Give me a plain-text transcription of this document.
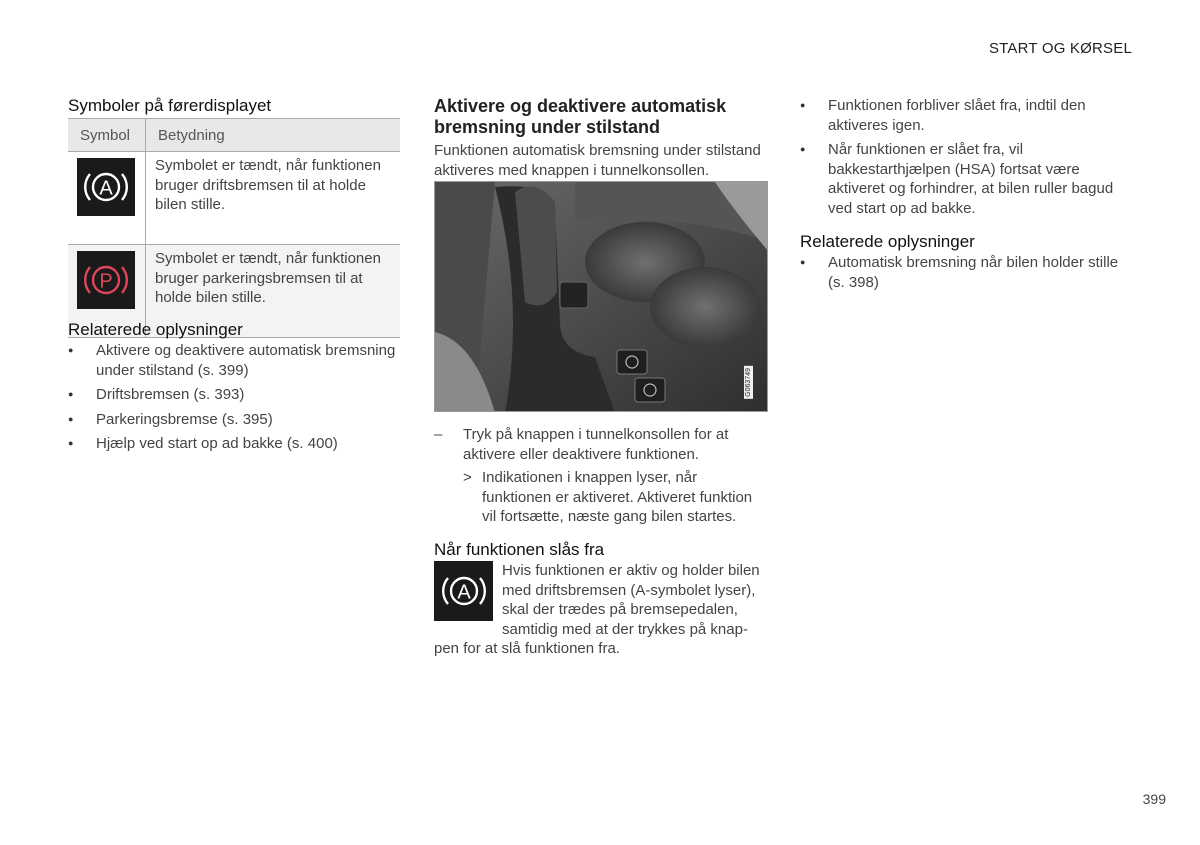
START OG KØRSEL
Symboler på førerdisplayet
Symbol	Betydning

A	Symbolet er tændt, når funktionen bruger driftsbremsen til at holde bilen stille.

P	Symbolet er tændt, når funktionen bruger parkeringsbremsen til at holde bilen stille.
Relaterede oplysninger
● Aktivere og deaktivere automatisk bremsning under stilstand (s. 399)
● Driftsbremsen (s. 393)
● Parkeringsbremse (s. 395)
● Hjælp ved start op ad bakke (s. 400)
Aktivere og deaktivere automatisk bremsning under stilstand
Funktionen automatisk bremsning under stilstand aktiveres med knappen i tunnelkonsollen.
G063749
– Tryk på knappen i tunnelkonsollen for at aktivere eller deaktivere funktionen.
> Indikationen i knappen lyser, når funktionen er aktiveret. Aktiveret funktion vil fortsætte, næste gang bilen startes.
Når funktionen slås fra
A
Hvis funktionen er aktiv og holder bilen med driftsbremsen (A-symbolet lyser), skal der trædes på bremsepedalen, samtidig med at der trykkes på knap-
pen for at slå funktionen fra.
● Funktionen forbliver slået fra, indtil den aktiveres igen.
● Når funktionen er slået fra, vil bakkestarthjælpen (HSA) fortsat være aktiveret og forhindrer, at bilen ruller bagud ved start op ad bakke.
Relaterede oplysninger
● Automatisk bremsning når bilen holder stille (s. 398)
399
